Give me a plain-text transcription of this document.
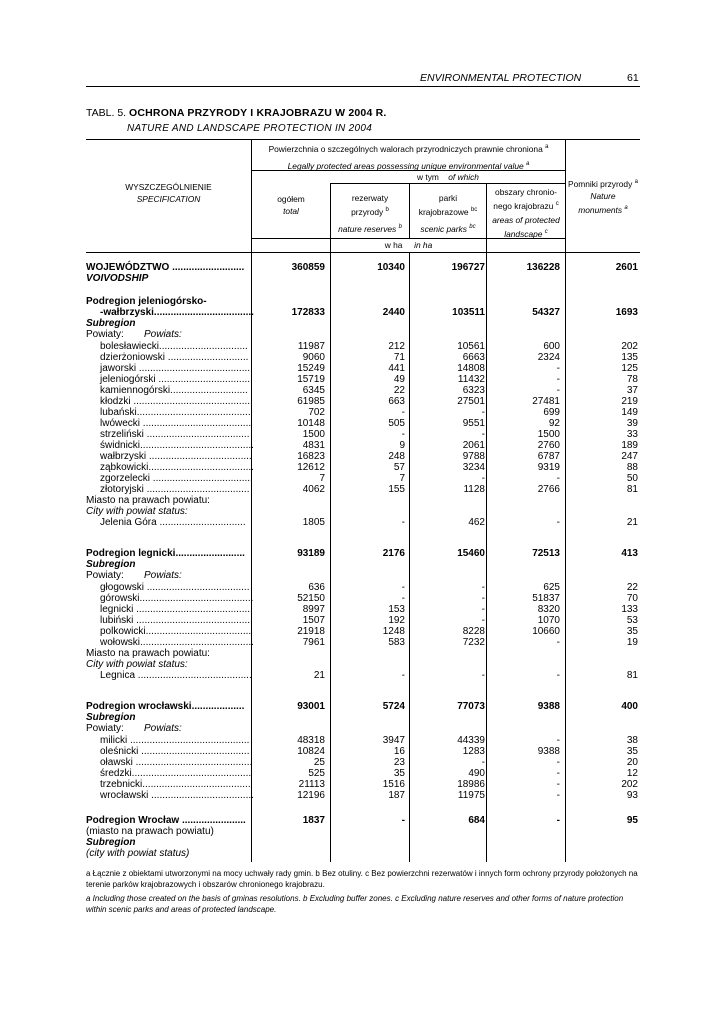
ENVIRONMENTAL PROTECTION	61
TABL. 5. OCHRONA PRZYRODY I KRAJOBRAZU W 2004 R.
NATURE AND LANDSCAPE PROTECTION IN 2004
WYSZCZEGÓLNIENIE
SPECIFICATION
Powierzchnia o szczególnych walorach przyrodniczych prawnie chroniona $^a$
Legally protected areas possessing unique environmental value $^a$
w tym of which
ogółem
total
rezerwaty
przyrody $^b$
nature reserves $^b$
parki
krajobrazowe $^{bc}$
scenic parks $^{bc}$
obszary chronio-
nego krajobrazu $^c$
areas of protected
landscape $^c$
Pomniki przyrody $^a$
Nature
monuments $^a$
w ha in ha
WOJEWÓDZTWO ..........................	360859	10340	196727	136228	2601
VOIVODSHIP
Podregion jeleniogórsko-
-wałbrzyski....................................	172833	2440	103511	54327	1693
Subregion
Powiaty: Powiats:
bolesławiecki................................	11987	212	10561	600	202
dzierżoniowski .............................	9060	71	6663	2324	135
jaworski ........................................	15249	441	14808	-	125
jeleniogórski .................................	15719	49	11432	-	78
kamiennogórski............................	6345	22	6323	-	37
kłodzki ...........................................	61985	663	27501	27481	219
lubański.........................................	702	-	-	699	149
lwówecki .......................................	10148	505	9551	92	39
strzeliński .....................................	1500	-	-	1500	33
świdnicki.........................................	4831	9	2061	2760	189
wałbrzyski .....................................	16823	248	9788	6787	247
ząbkowicki......................................	12612	57	3234	9319	88
zgorzelecki ....................................	7	7	-	-	50
złotoryjski .....................................	4062	155	1128	2766	81
Miasto na prawach powiatu:
City with powiat status:
Jelenia Góra ...............................	1805	-	462	-	21
Podregion legnicki.........................	93189	2176	15460	72513	413
Subregion
Powiaty: Powiats:
głogowski .....................................	636	-	-	625	22
górowski.........................................	52150	-	-	51837	70
legnicki ..........................................	8997	153	-	8320	133
lubiński ..........................................	1507	192	-	1070	53
polkowicki......................................	21918	1248	8228	10660	35
wołowski.........................................	7961	583	7232	-	19
Miasto na prawach powiatu:
City with powiat status:
Legnica .........................................	21	-	-	-	81
Podregion wrocławski...................	93001	5724	77073	9388	400
Subregion
Powiaty: Powiats:
milicki ...........................................	48318	3947	44339	-	38
oleśnicki .......................................	10824	16	1283	9388	35
oławski ..........................................	25	23	-	-	20
średzki...........................................	525	35	490	-	12
trzebnicki.......................................	21113	1516	18986	-	202
wrocławski .....................................	12196	187	11975	-	93
Podregion Wrocław .......................	1837	-	684	-	95
(miasto na prawach powiatu)
Subregion
(city with powiat status)
a Łącznie z obiektami utworzonymi na mocy uchwały rady gmin. b Bez otuliny. c Bez powierzchni rezerwatów i innych form ochrony przyrody położonych na terenie parków krajobrazowych i obszarów chronionego krajobrazu.
a Including those created on the basis of gminas resolutions. b Excluding buffer zones. c Excluding nature reserves and other forms of nature protection within scenic parks and areas of protected landscape.
